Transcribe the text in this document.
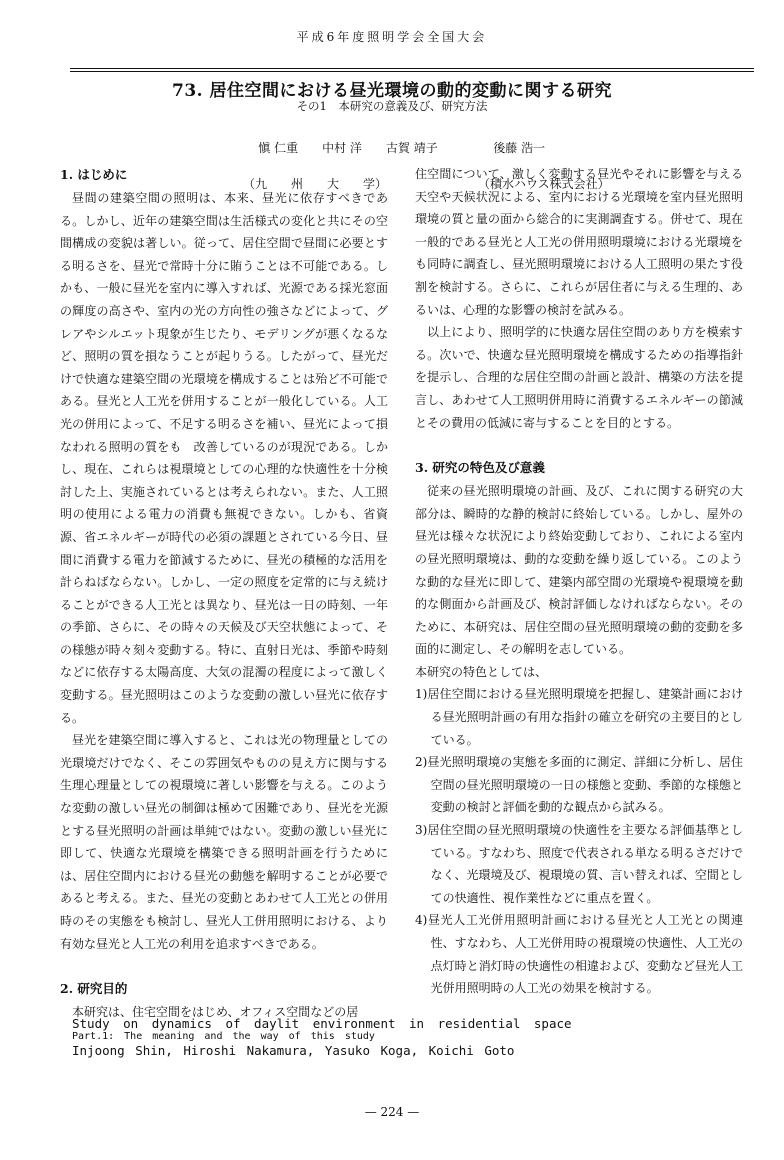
平成6年度照明学会全国大会
73. 居住空間における昼光環境の動的変動に関する研究
その1　本研究の意義及び、研究方法

愼 仁重　　中村 洋　　古賀 靖子

（九　　州　　大　　学）

後藤 浩一

（積水ハウス株式会社）

1. はじめに

昼間の建築空間の照明は、本来、昼光に依存すべきである。しかし、近年の建築空間は生活様式の変化と共にその空間構成の変貌は著しい。従って、居住空間で昼間に必要とする明るさを、昼光で常時十分に賄うことは不可能である。しかも、一般に昼光を室内に導入すれば、光源である採光窓面の輝度の高さや、室内の光の方向性の強さなどによって、グレアやシルエット現象が生じたり、モデリングが悪くなるなど、照明の質を損なうことが起りうる。したがって、昼光だけで快適な建築空間の光環境を構成することは殆ど不可能である。昼光と人工光を併用することが一般化している。人工光の併用によって、不足する明るさを補い、昼光によって損なわれる照明の質をも　改善しているのが現況である。しかし、現在、これらは視環境としての心理的な快適性を十分検討した上、実施されているとは考えられない。また、人工照明の使用による電力の消費も無視できない。しかも、省資源、省エネルギーが時代の必須の課題とされている今日、昼間に消費する電力を節減するために、昼光の積極的な活用を計らねばならない。しかし、一定の照度を定常的に与え続けることができる人工光とは異なり、昼光は一日の時刻、一年の季節、さらに、その時々の天候及び天空状態によって、その様態が時々刻々変動する。特に、直射日光は、季節や時刻などに依存する太陽高度、大気の混濁の程度によって激しく変動する。昼光照明はこのような変動の激しい昼光に依存する。

昼光を建築空間に導入すると、これは光の物理量としての光環境だけでなく、そこの雰囲気やものの見え方に関与する生理心理量としての視環境に著しい影響を与える。このような変動の激しい昼光の制御は極めて困難であり、昼光を光源とする昼光照明の計画は単純ではない。変動の激しい昼光に即して、快適な光環境を構築できる照明計画を行うためには、居住空間内における昼光の動態を解明することが必要であると考える。また、昼光の変動とあわせて人工光との併用時のその実態をも検討し、昼光人工併用照明における、より有効な昼光と人工光の利用を追求すべきである。

2. 研究目的

本研究は、住宅空間をはじめ、オフィス空間などの居

住空間について、激しく変動する昼光やそれに影響を与える天空や天候状況による、室内における光環境を室内昼光照明環境の質と量の面から総合的に実測調査する。併せて、現在一般的である昼光と人工光の併用照明環境における光環境をも同時に調査し、昼光照明環境における人工照明の果たす役割を検討する。さらに、これらが居住者に与える生理的、あるいは、心理的な影響の検討を試みる。

以上により、照明学的に快適な居住空間のあり方を模索する。次いで、快適な昼光照明環境を構成するための指導指針を提示し、合理的な居住空間の計画と設計、構築の方法を提言し、あわせて人工照明併用時に消費するエネルギーの節減とその費用の低減に寄与することを目的とする。

3. 研究の特色及び意義

従来の昼光照明環境の計画、及び、これに関する研究の大部分は、瞬時的な静的検討に終始している。しかし、屋外の昼光は様々な状況により終始変動しており、これによる室内の昼光照明環境は、動的な変動を繰り返している。このような動的な昼光に即して、建築内部空間の光環境や視環境を動的な側面から計画及び、検討評価しなければならない。そのために、本研究は、居住空間の昼光照明環境の動的変動を多面的に測定し、その解明を志している。

本研究の特色としては、

1)居住空間における昼光照明環境を把握し、建築計画における昼光照明計画の有用な指針の確立を研究の主要目的としている。

2)昼光照明環境の実態を多面的に測定、詳細に分析し、居住空間の昼光照明環境の一日の様態と変動、季節的な様態と変動の検討と評価を動的な観点から試みる。

3)居住空間の昼光照明環境の快適性を主要なる評価基準としている。すなわち、照度で代表される単なる明るさだけでなく、光環境及び、視環境の質、言い替えれば、空間としての快適性、視作業性などに重点を置く。

4)昼光人工光併用照明計画における昼光と人工光との関連性、すなわち、人工光併用時の視環境の快適性、人工光の点灯時と消灯時の快適性の相違および、変動など昼光人工光併用照明時の人工光の効果を検討する。

Study on dynamics of daylit environment in residential space

Part.1: The meaning and the way of this study

Injoong Shin, Hiroshi Nakamura, Yasuko Koga, Koichi Goto

— 224 —
